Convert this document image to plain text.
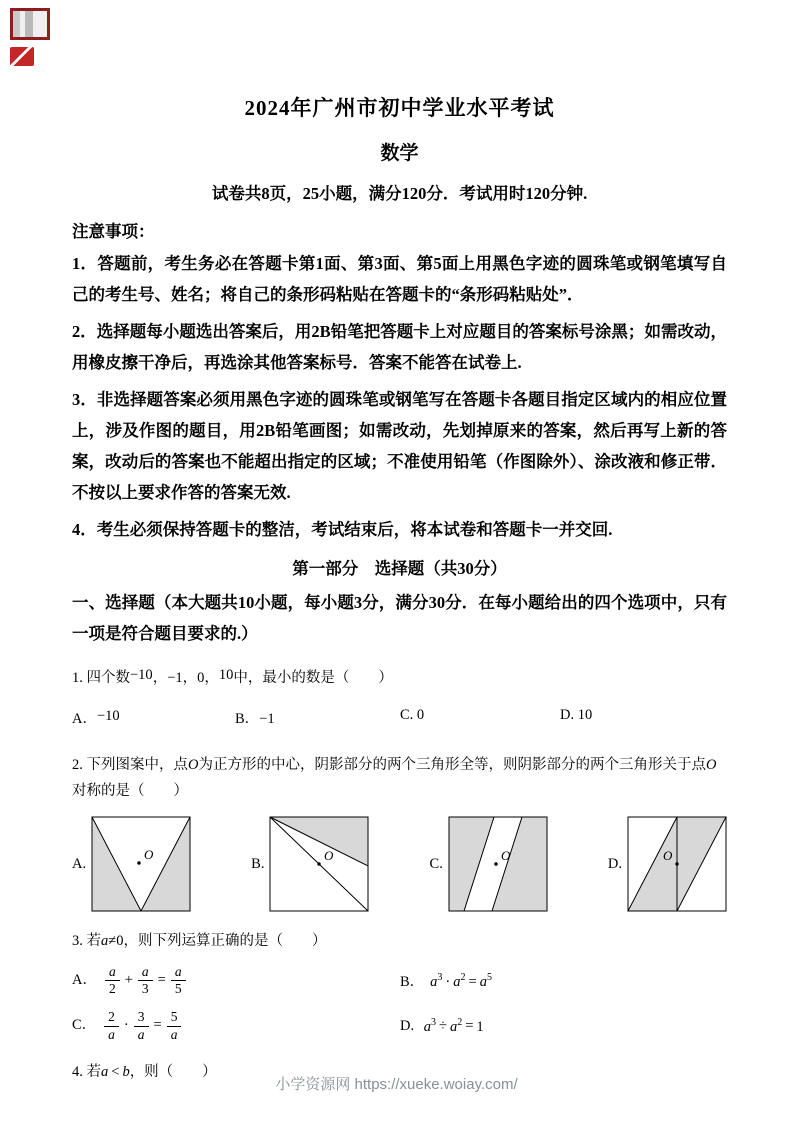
2024年广州市初中学业水平考试
数学
试卷共8页，25小题，满分120分．考试用时120分钟.
注意事项：
1．答题前，考生务必在答题卡第1面、第3面、第5面上用黑色字迹的圆珠笔或钢笔填写自己的考生号、姓名；将自己的条形码粘贴在答题卡的“条形码粘贴处”．
2．选择题每小题选出答案后，用2B铅笔把答题卡上对应题目的答案标号涂黑；如需改动，用橡皮擦干净后，再选涂其他答案标号．答案不能答在试卷上.
3．非选择题答案必须用黑色字迹的圆珠笔或钢笔写在答题卡各题目指定区域内的相应位置上，涉及作图的题目，用2B铅笔画图；如需改动，先划掉原来的答案，然后再写上新的答案，改动后的答案也不能超出指定的区域；不准使用铅笔（作图除外）、涂改液和修正带．不按以上要求作答的答案无效.
4．考生必须保持答题卡的整洁，考试结束后，将本试卷和答题卡一并交回.
第一部分　选择题（共30分）
一、选择题（本大题共10小题，每小题3分，满分30分．在每小题给出的四个选项中，只有一项是符合题目要求的.）
1. 四个数−10，−1，0，10中，最小的数是（　　）
A．−10	B．−1	C. 0	D. 10
2. 下列图案中，点O为正方形的中心，阴影部分的两个三角形全等，则阴影部分的两个三角形关于点O对称的是（　　）
A.
O
B.	O	C.	O	D.	O
3. 若a≠0，则下列运算正确的是（　　）
A． $\frac{a}{2} + \frac{a}{3} = \frac{a}{5}$	B． $a^3 \cdot a^2 = a^5$
C． $\frac{2}{a} \cdot \frac{3}{a} = \frac{5}{a}$	D. $a^3 \div a^2 = 1$
4. 若a < b，则（　　）
小学资源网 https://xueke.woiay.com/
